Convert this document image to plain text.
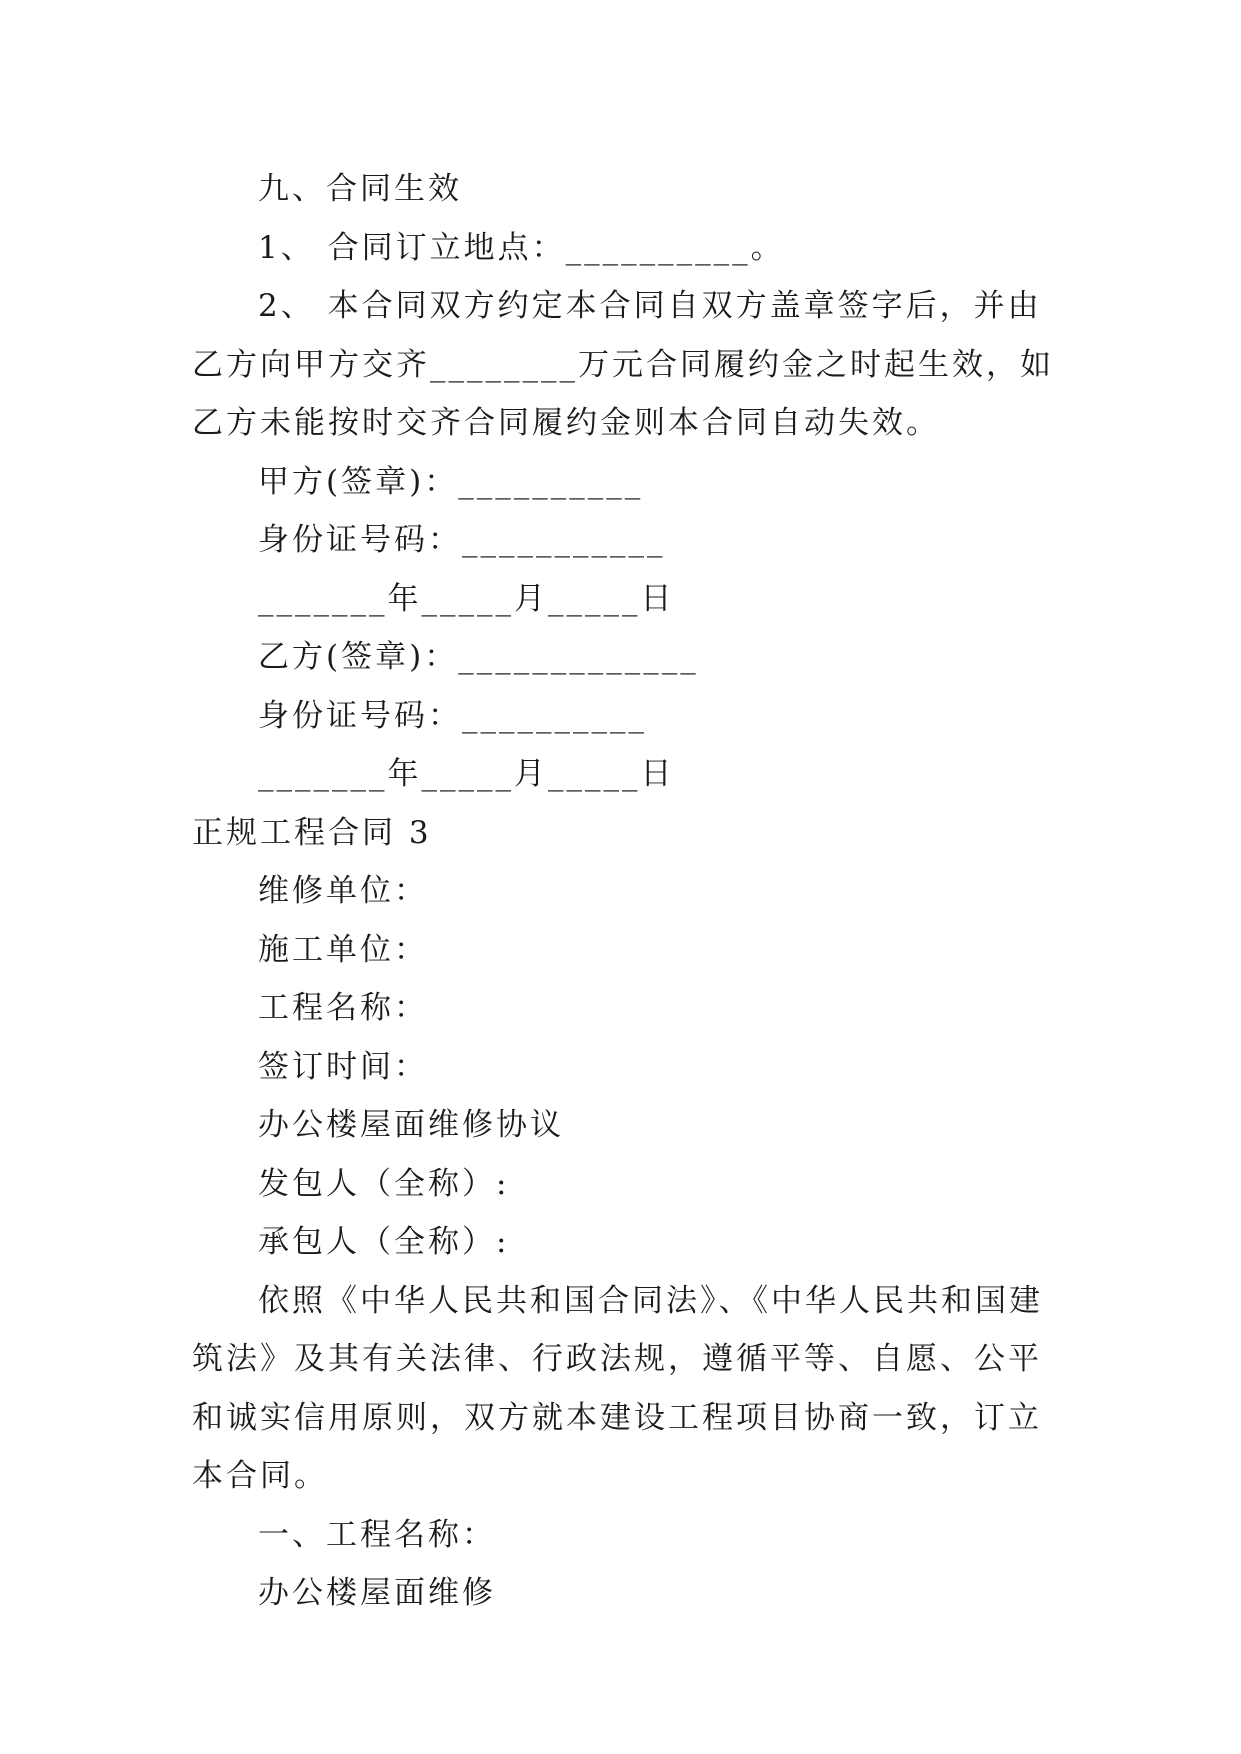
九、合同生效

1、 合同订立地点：__________。

2、 本合同双方约定本合同自双方盖章签字后，并由乙方向甲方交齐________万元合同履约金之时起生效，如乙方未能按时交齐合同履约金则本合同自动失效。

甲方(签章)：__________

身份证号码：___________

_______年_____月_____日

乙方(签章)：_____________

身份证号码：__________

_______年_____月_____日

正规工程合同 3

维修单位：

施工单位：

工程名称：

签订时间：

办公楼屋面维修协议

发包人（全称）:

承包人（全称）:

依照《中华人民共和国合同法》、《中华人民共和国建筑法》及其有关法律、行政法规，遵循平等、自愿、公平和诚实信用原则，双方就本建设工程项目协商一致，订立本合同。

一、工程名称：

办公楼屋面维修
